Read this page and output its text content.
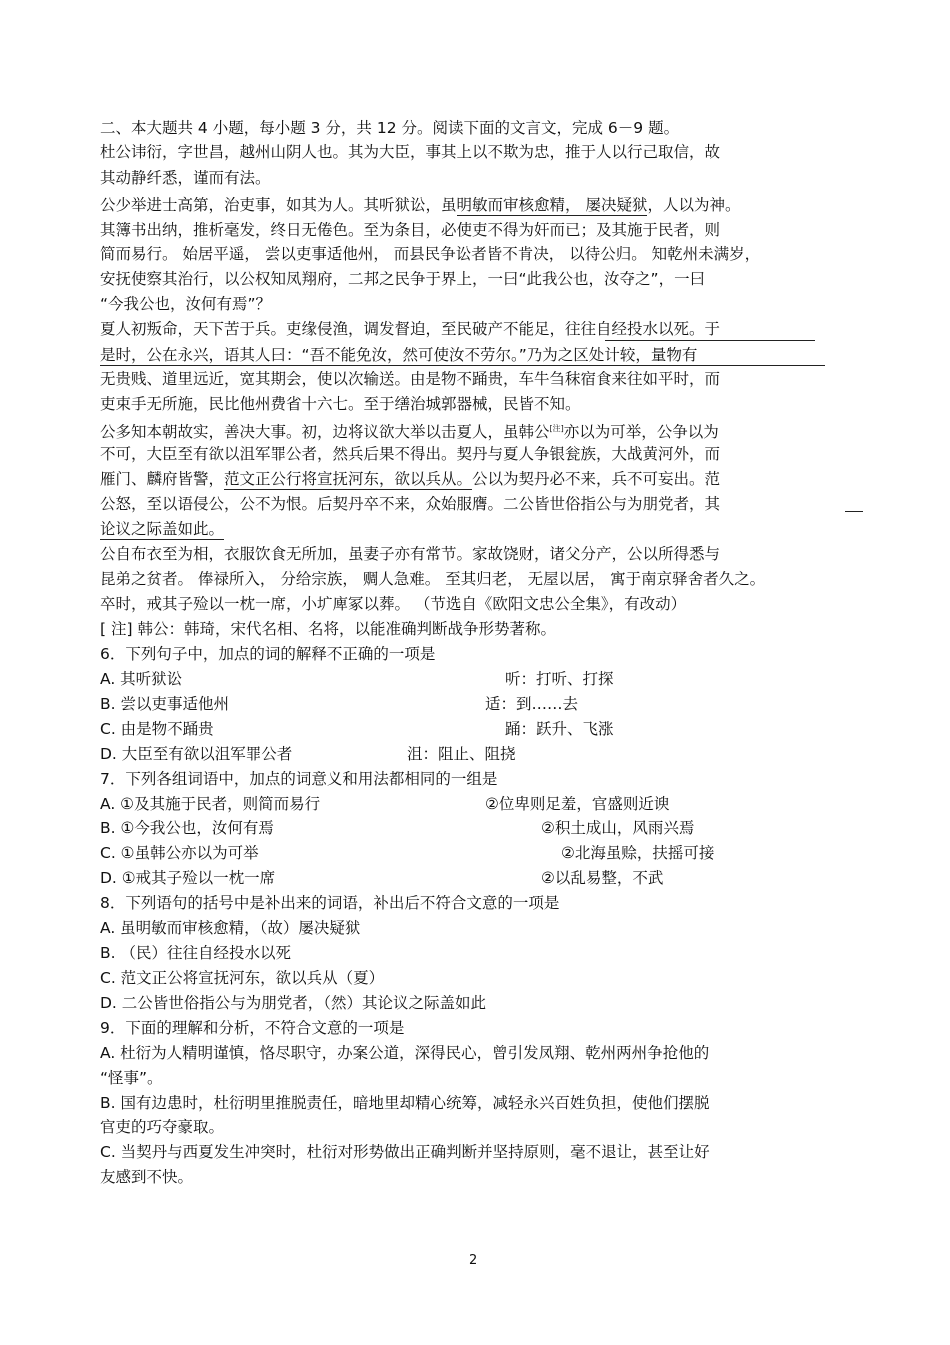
二、本大题共 4 小题，每小题 3 分，共 12 分。阅读下面的文言文，完成 6－9 题。
杜公讳衍，字世昌，越州山阴人也。其为大臣，事其上以不欺为忠，推于人以行己取信，故
其动静纤悉，谨而有法。
公少举进士高第，治吏事，如其为人。其听狱讼，虽明敏而审核愈精， 屡决疑狱，人以为神。
其簿书出纳，推析毫发，终日无倦色。至为条目，必使吏不得为奸而已；及其施于民者，则
简而易行。 始居平遥， 尝以吏事适他州， 而县民争讼者皆不肯决， 以待公归。 知乾州未满岁，
安抚使察其治行，以公权知凤翔府，二邦之民争于界上，一曰“此我公也，汝夺之”，一曰
“今我公也，汝何有焉”？
夏人初叛命，天下苦于兵。吏缘侵渔，调发督迫，至民破产不能足，往往自经投水以死。于
是时，公在永兴，语其人曰：“吾不能免汝，然可使汝不劳尔。”乃为之区处计较，量物有
无贵贱、道里远近，宽其期会，使以次输送。由是物不踊贵，车牛刍秣宿食来往如平时，而
吏束手无所施，民比他州费省十六七。至于缮治城郭器械，民皆不知。
公多知本朝故实，善决大事。初，边将议欲大举以击夏人，虽韩公[注]亦以为可举，公争以为
不可，大臣至有欲以沮军罪公者，然兵后果不得出。契丹与夏人争银瓮族，大战黄河外，而
雁门、麟府皆警，范文正公行将宣抚河东，欲以兵从。公以为契丹必不来，兵不可妄出。范
公怒，至以语侵公，公不为恨。后契丹卒不来，众始服膺。二公皆世俗指公与为朋党者，其
论议之际盖如此。
公自布衣至为相，衣服饮食无所加，虽妻子亦有常节。家故饶财，诸父分产，公以所得悉与
昆弟之贫者。 俸禄所入， 分给宗族， 赒人急难。 至其归老， 无屋以居， 寓于南京驿舍者久之。
卒时，戒其子殓以一枕一席，小圹庳冢以葬。 （节选自《欧阳文忠公全集》，有改动）
[ 注] 韩公：韩琦，宋代名相、名将，以能准确判断战争形势著称。
6．下列句子中，加点的词的解释不正确的一项是
A. 其听狱讼	听：打听、打探
B. 尝以吏事适他州	适：到……去
C. 由是物不踊贵	踊：跃升、飞涨
D. 大臣至有欲以沮军罪公者	沮：阻止、阻挠
7．下列各组词语中，加点的词意义和用法都相同的一组是
A. ①及其施于民者，则简而易行	②位卑则足羞，官盛则近谀
B. ①今我公也，汝何有焉	②积土成山，风雨兴焉
C. ①虽韩公亦以为可举	②北海虽赊，扶摇可接
D. ①戒其子殓以一枕一席	②以乱易整，不武
8．下列语句的括号中是补出来的词语，补出后不符合文意的一项是
A. 虽明敏而审核愈精，（故）屡决疑狱
B. （民）往往自经投水以死
C. 范文正公将宣抚河东，欲以兵从（夏）
D. 二公皆世俗指公与为朋党者，（然）其论议之际盖如此
9．下面的理解和分析，不符合文意的一项是
A. 杜衍为人精明谨慎，恪尽职守，办案公道，深得民心，曾引发凤翔、乾州两州争抢他的
“怪事”。
B. 国有边患时，杜衍明里推脱责任，暗地里却精心统筹，减轻永兴百姓负担，使他们摆脱
官吏的巧夺豪取。
C. 当契丹与西夏发生冲突时，杜衍对形势做出正确判断并坚持原则，毫不退让，甚至让好
友感到不快。
2
